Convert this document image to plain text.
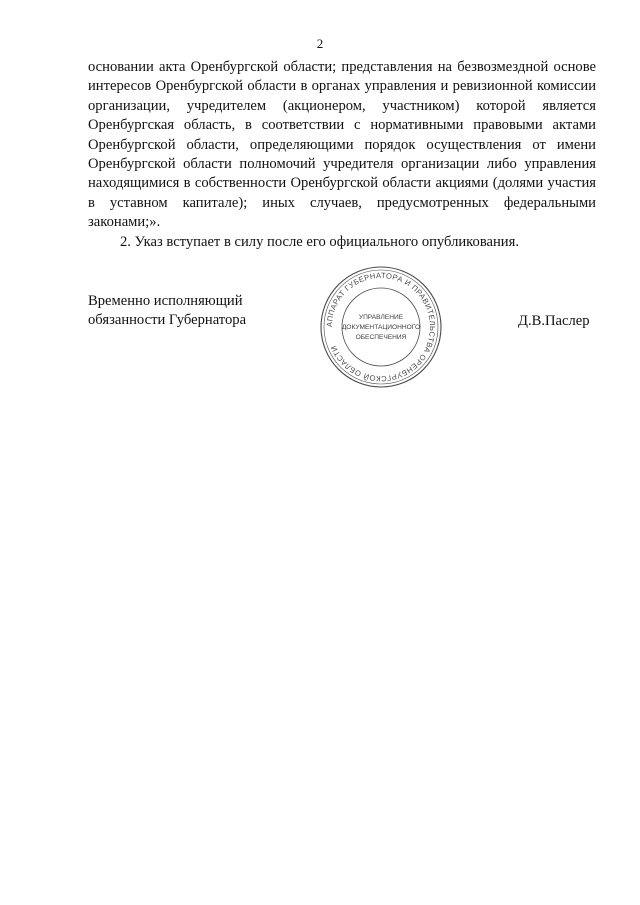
2

основании акта Оренбургской области; представления на безвозмездной основе интересов Оренбургской области в органах управления и ревизионной комиссии организации, учредителем (акционером, участником) которой является Оренбургская область, в соответствии с нормативными правовыми актами Оренбургской области, определяющими порядок осуществления от имени Оренбургской области полномочий учредителя организации либо управления находящимися в собственности Оренбургской области акциями (долями участия в уставном капитале); иных случаев, предусмотренных федеральными законами;».

2. Указ вступает в силу после его официального опубликования.

Временно исполняющий
обязанности Губернатора	Д.В.Паслер
АППАРАТ ГУБЕРНАТОРА И ПРАВИТЕЛЬСТВА ОРЕНБУРГСКОЙ ОБЛАСТИ
УПРАВЛЕНИЕ
ДОКУМЕНТАЦИОННОГО
ОБЕСПЕЧЕНИЯ
